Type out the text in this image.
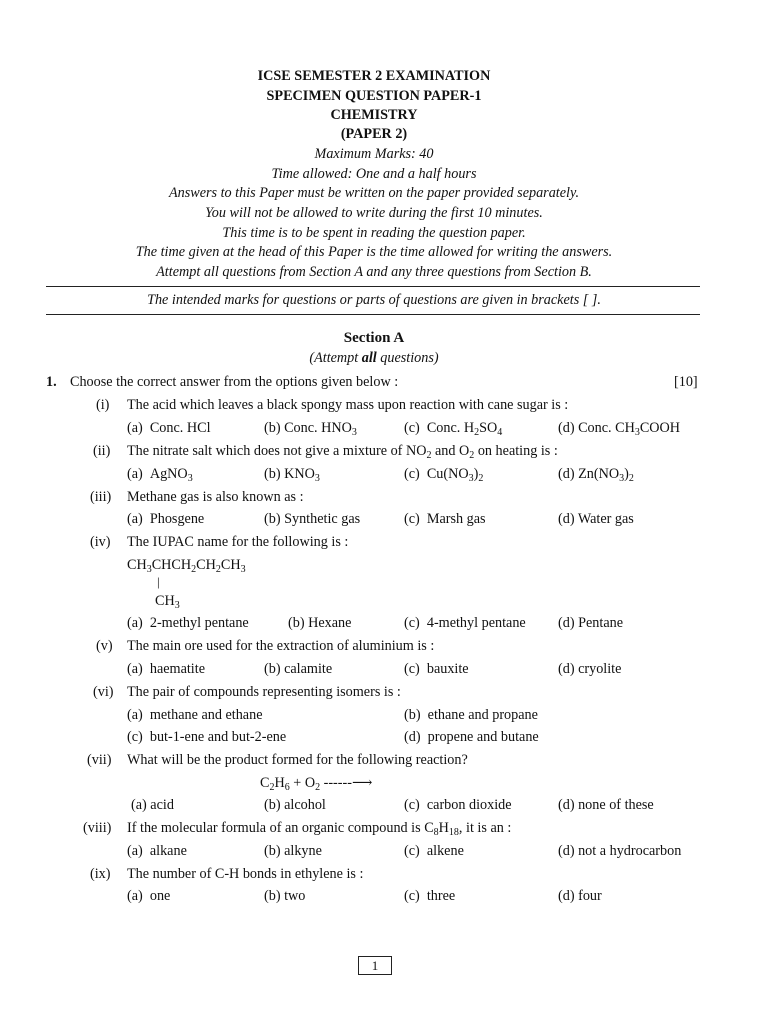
ICSE SEMESTER 2 EXAMINATION
SPECIMEN QUESTION PAPER-1
CHEMISTRY
(PAPER 2)
Maximum Marks: 40
Time allowed: One and a half hours
Answers to this Paper must be written on the paper provided separately.
You will not be allowed to write during the first 10 minutes.
This time is to be spent in reading the question paper.
The time given at the head of this Paper is the time allowed for writing the answers.
Attempt all questions from Section A and any three questions from Section B.
The intended marks for questions or parts of questions are given in brackets [ ].
Section A
(Attempt all questions)
1. Choose the correct answer from the options given below :	[10]
(i) The acid which leaves a black spongy mass upon reaction with cane sugar is :
(a) Conc. HCl	(b) Conc. $HNO_3$	(c) Conc. $H_2SO_4$	(d) Conc. $CH_3COOH$
(ii) The nitrate salt which does not give a mixture of $NO_2$ and $O_2$ on heating is :
(a) AgNO$_3$	(b) $KNO_3$	(c) $Cu(NO_3)_2$	(d) $Zn(NO_3)_2$
(iii) Methane gas is also known as :
(a) Phosgene	(b) Synthetic gas	(c) Marsh gas	(d) Water gas
(iv) The IUPAC name for the following is :
$CH_3CHCH_2CH_2CH_3$
|
$CH_3$
(a) 2-methyl pentane	(b) Hexane	(c) 4-methyl pentane (d) Pentane
(v) The main ore used for the extraction of aluminium is :
(a) haematite	(b) calamite	(c) bauxite	(d) cryolite
(vi) The pair of compounds representing isomers is :
(a) methane and ethane	(b) ethane and propane
(c) but-1-ene and but-2-ene	(d) propene and butane
(vii) What will be the product formed for the following reaction?
$C_2H_6 + O_2$ ------⟶
(a) acid	(b) alcohol	(c) carbon dioxide	(d) none of these
(viii) If the molecular formula of an organic compound is $C_8H_{18}$, it is an :
(a) alkane	(b) alkyne	(c) alkene	(d) not a hydrocarbon
(ix) The number of C-H bonds in ethylene is :
(a) one	(b) two	(c) three	(d) four
1
